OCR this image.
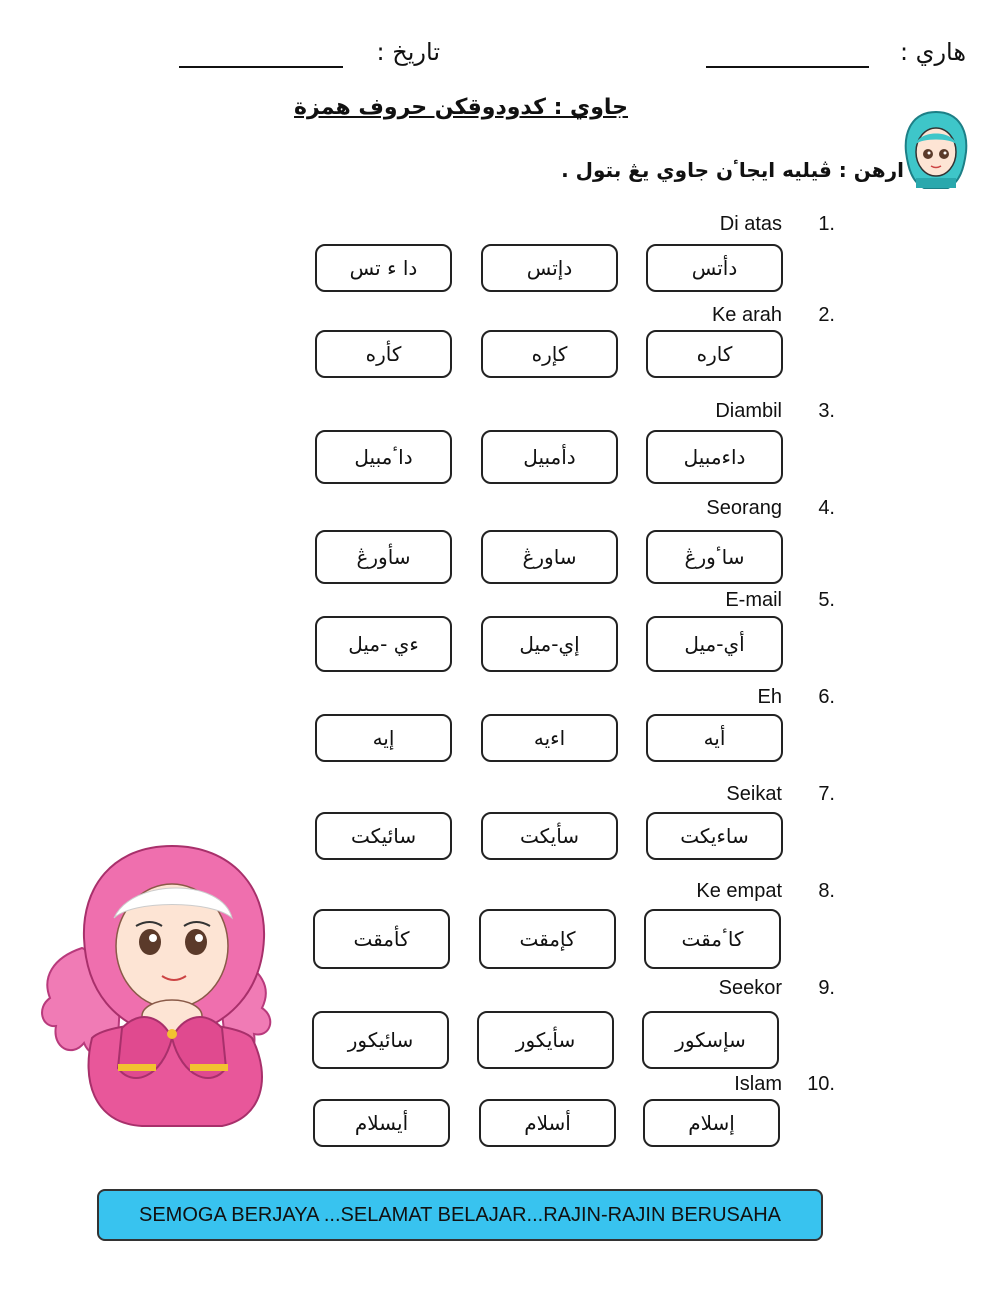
هاري :
تاريخ :
جاوي : كدودوقكن حروف همزة
ارهن : ڤيليه ايجاٴن جاوي يڠ بتول .
Di atas	1.
دأتس
دإتس
دا ء تس
Ke arah	2.
كاره
كإره
كأره
Diambil	3.
داءمبيل
دأمبيل
داٴمبيل
Seorang	4.
ساٴورڠ
ساورڠ
سأورڠ
E-mail	5.
أي-ميل
إي-ميل
ءي -ميل
Eh	6.
أيه
اءيه
إيه
Seikat	7.
ساءيكت
سأيكت
سائيكت
Ke empat	8.
كاٴمقت
كإمقت
كأمقت
Seekor	9.
سإسكور
سأيكور
سائيكور
Islam	10.
إسلام
أسلام
أيسلام
SEMOGA BERJAYA ...SELAMAT BELAJAR...RAJIN-RAJIN BERUSAHA
